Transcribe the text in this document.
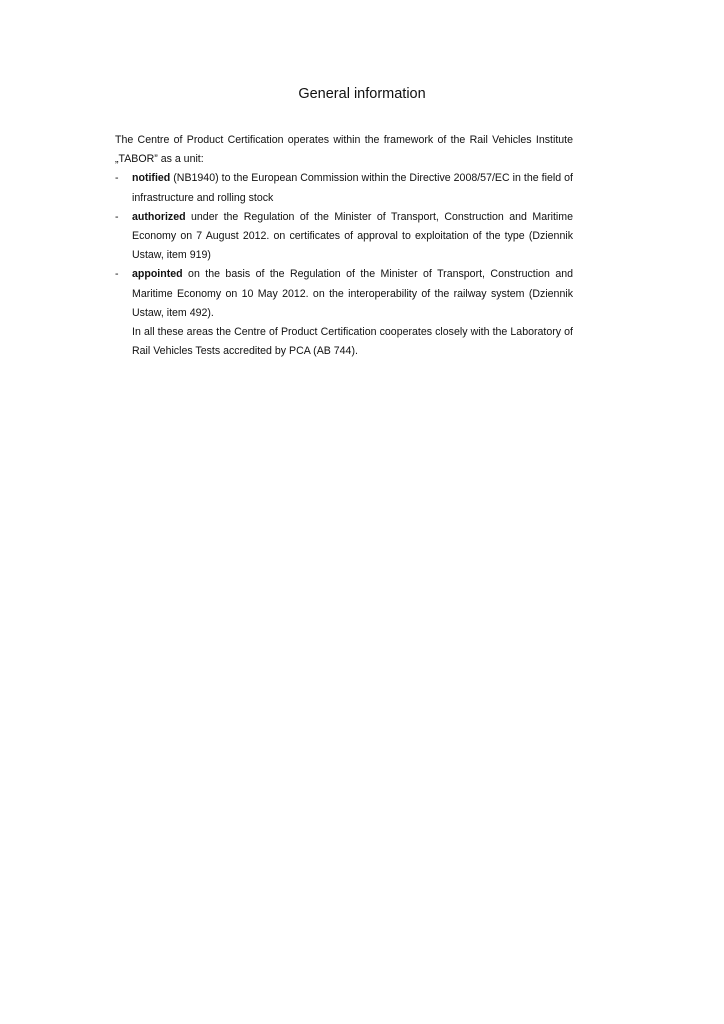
General information

The Centre of Product Certification operates within the framework of the Rail Vehicles Institute „TABOR” as a unit:

- notified (NB1940) to the European Commission within the Directive 2008/57/EC in the field of infrastructure and rolling stock
- authorized under the Regulation of the Minister of Transport, Construction and Maritime Economy on 7 August 2012. on certificates of approval to exploitation of the type (Dziennik Ustaw, item 919)
- appointed on the basis of the Regulation of the Minister of Transport, Construction and Maritime Economy on 10 May 2012. on the interoperability of the railway system (Dziennik Ustaw, item 492).

In all these areas the Centre of Product Certification cooperates closely with the Laboratory of Rail Vehicles Tests accredited by PCA (AB 744).
